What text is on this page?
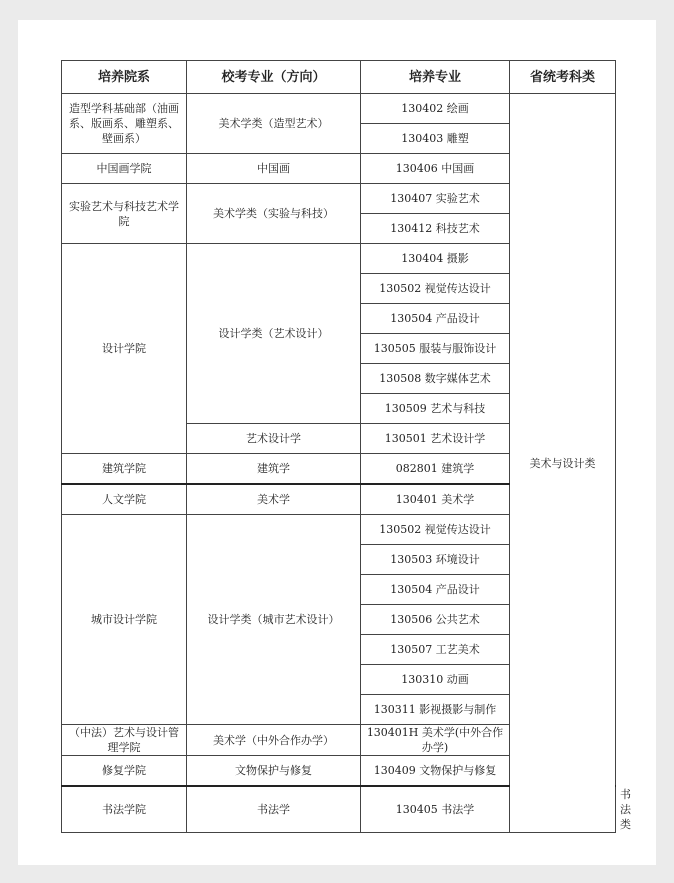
培养院系	校考专业（方向）	培养专业	省统考科类	
造型学科基础部（油画系、版画系、雕塑系、壁画系）	美术学类（造型艺术）	130402 绘画	美术与设计类	
		130403 雕塑		
中国画学院	中国画	130406 中国画		
实验艺术与科技艺术学院	美术学类（实验与科技）	130407 实验艺术		
		130412 科技艺术		
设计学院	设计学类（艺术设计）	130404 摄影		
		130502 视觉传达设计		
		130504 产品设计		
		130505 服装与服饰设计		
		130508 数字媒体艺术		
		130509 艺术与科技		
	艺术设计学	130501 艺术设计学		
建筑学院	建筑学	082801 建筑学		
人文学院	美术学	130401 美术学		
城市设计学院	设计学类（城市艺术设计）	130502 视觉传达设计		
		130503 环境设计		
		130504 产品设计		
		130506 公共艺术		
		130507 工艺美术		
		130310 动画		
		130311 影视摄影与制作		
（中法）艺术与设计管理学院	美术学（中外合作办学）	130401H 美术学(中外合作办学)		
修复学院	文物保护与修复	130409 文物保护与修复		
书法学院	书法学	130405 书法学		书法类
